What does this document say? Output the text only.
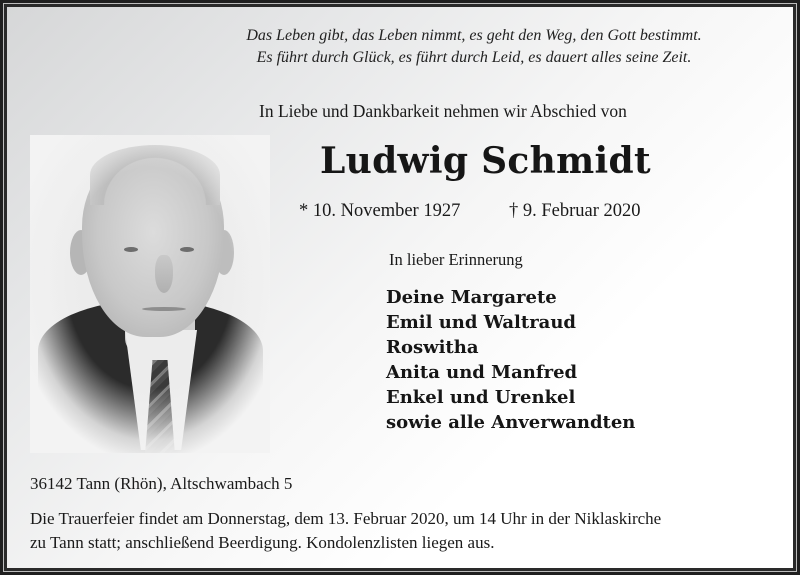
Das Leben gibt, das Leben nimmt, es geht den Weg, den Gott bestimmt.
Es führt durch Glück, es führt durch Leid, es dauert alles seine Zeit.
In Liebe und Dankbarkeit nehmen wir Abschied von
Ludwig Schmidt
* 10. November 1927	† 9. Februar 2020
In lieber Erinnerung
Deine Margarete
Emil und Waltraud
Roswitha
Anita und Manfred
Enkel und Urenkel
sowie alle Anverwandten
36142 Tann (Rhön), Altschwambach 5

Die Trauerfeier findet am Donnerstag, dem 13. Februar 2020, um 14 Uhr in der Niklaskirche
zu Tann statt; anschließend Beerdigung. Kondolenzlisten liegen aus.
